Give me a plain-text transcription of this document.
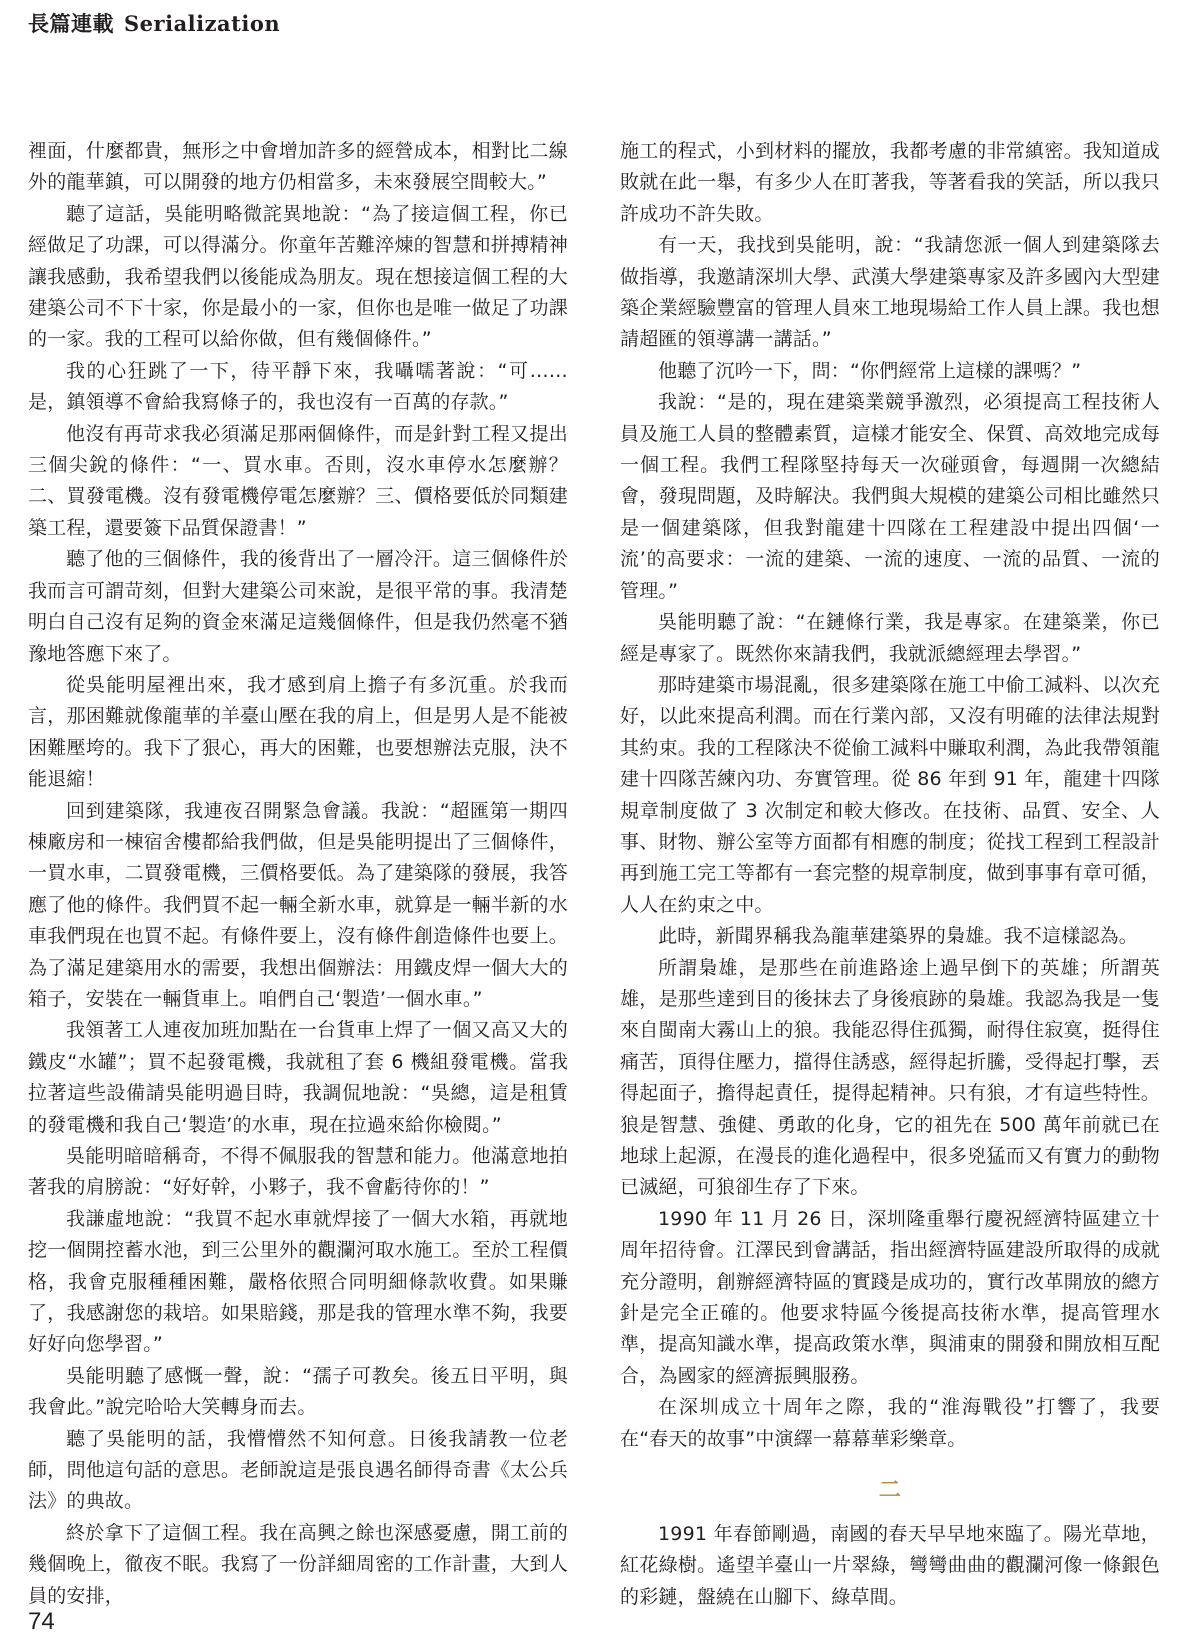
長篇連載 Serialization

裡面，什麼都貴，無形之中會增加許多的經營成本，相對比二線外的龍華鎮，可以開發的地方仍相當多，未來發展空間較大。”

聽了這話，吳能明略微詫異地說：“為了接這個工程，你已經做足了功課，可以得滿分。你童年苦難淬煉的智慧和拼搏精神讓我感動，我希望我們以後能成為朋友。現在想接這個工程的大建築公司不下十家，你是最小的一家，但你也是唯一做足了功課的一家。我的工程可以給你做，但有幾個條件。”

我的心狂跳了一下，待平靜下來，我囁嚅著說：“可……是，鎮領導不會給我寫條子的，我也沒有一百萬的存款。”

他沒有再苛求我必須滿足那兩個條件，而是針對工程又提出三個尖銳的條件：“一、買水車。否則，沒水車停水怎麼辦？二、買發電機。沒有發電機停電怎麼辦？三、價格要低於同類建築工程，還要簽下品質保證書！”

聽了他的三個條件，我的後背出了一層冷汗。這三個條件於我而言可謂苛刻，但對大建築公司來說，是很平常的事。我清楚明白自己沒有足夠的資金來滿足這幾個條件，但是我仍然毫不猶豫地答應下來了。

從吳能明屋裡出來，我才感到肩上擔子有多沉重。於我而言，那困難就像龍華的羊臺山壓在我的肩上，但是男人是不能被困難壓垮的。我下了狠心，再大的困難，也要想辦法克服，決不能退縮！

回到建築隊，我連夜召開緊急會議。我說：“超匯第一期四棟廠房和一棟宿舍樓都給我們做，但是吳能明提出了三個條件，一買水車，二買發電機，三價格要低。為了建築隊的發展，我答應了他的條件。我們買不起一輛全新水車，就算是一輛半新的水車我們現在也買不起。有條件要上，沒有條件創造條件也要上。為了滿足建築用水的需要，我想出個辦法：用鐵皮焊一個大大的箱子，安裝在一輛貨車上。咱們自己‘製造’一個水車。”

我領著工人連夜加班加點在一台貨車上焊了一個又高又大的鐵皮“水罐”；買不起發電機，我就租了套 6 機組發電機。當我拉著這些設備請吳能明過目時，我調侃地說：“吳總，這是租賃的發電機和我自己‘製造’的水車，現在拉過來給你檢閱。”

吳能明暗暗稱奇，不得不佩服我的智慧和能力。他滿意地拍著我的肩膀說：“好好幹，小夥子，我不會虧待你的！”

我謙虛地說：“我買不起水車就焊接了一個大水箱，再就地挖一個開控蓄水池，到三公里外的觀瀾河取水施工。至於工程價格，我會克服種種困難，嚴格依照合同明細條款收費。如果賺了，我感謝您的栽培。如果賠錢，那是我的管理水準不夠，我要好好向您學習。”

吳能明聽了感慨一聲，說：“孺子可教矣。後五日平明，與我會此。”說完哈哈大笑轉身而去。

聽了吳能明的話，我懵懵然不知何意。日後我請教一位老師，問他這句話的意思。老師說這是張良遇名師得奇書《太公兵法》的典故。

終於拿下了這個工程。我在高興之餘也深感憂慮，開工前的幾個晚上，徹夜不眠。我寫了一份詳細周密的工作計畫，大到人員的安排，

施工的程式，小到材料的擺放，我都考慮的非常縝密。我知道成敗就在此一舉，有多少人在盯著我，等著看我的笑話，所以我只許成功不許失敗。

有一天，我找到吳能明，說：“我請您派一個人到建築隊去做指導，我邀請深圳大學、武漢大學建築專家及許多國內大型建築企業經驗豐富的管理人員來工地現場給工作人員上課。我也想請超匯的領導講一講話。”

他聽了沉吟一下，問：“你們經常上這樣的課嗎？”

我說：“是的，現在建築業競爭激烈，必須提高工程技術人員及施工人員的整體素質，這樣才能安全、保質、高效地完成每一個工程。我們工程隊堅持每天一次碰頭會，每週開一次總結會，發現問題，及時解決。我們與大規模的建築公司相比雖然只是一個建築隊，但我對龍建十四隊在工程建設中提出四個‘一流’的高要求：一流的建築、一流的速度、一流的品質、一流的管理。”

吳能明聽了說：“在鏈條行業，我是專家。在建築業，你已經是專家了。既然你來請我們，我就派總經理去學習。”

那時建築市場混亂，很多建築隊在施工中偷工減料、以次充好，以此來提高利潤。而在行業內部，又沒有明確的法律法規對其約束。我的工程隊決不從偷工減料中賺取利潤，為此我帶領龍建十四隊苦練內功、夯實管理。從 86 年到 91 年，龍建十四隊規章制度做了 3 次制定和較大修改。在技術、品質、安全、人事、財物、辦公室等方面都有相應的制度；從找工程到工程設計再到施工完工等都有一套完整的規章制度，做到事事有章可循，人人在約束之中。

此時，新聞界稱我為龍華建築界的梟雄。我不這樣認為。

所謂梟雄，是那些在前進路途上過早倒下的英雄；所謂英雄，是那些達到目的後抹去了身後痕跡的梟雄。我認為我是一隻來自閩南大霧山上的狼。我能忍得住孤獨，耐得住寂寞，挺得住痛苦，頂得住壓力，擋得住誘惑，經得起折騰，受得起打擊，丟得起面子，擔得起責任，提得起精神。只有狼，才有這些特性。狼是智慧、強健、勇敢的化身，它的祖先在 500 萬年前就已在地球上起源，在漫長的進化過程中，很多兇猛而又有實力的動物已滅絕，可狼卻生存了下來。

1990 年 11 月 26 日，深圳隆重舉行慶祝經濟特區建立十周年招待會。江澤民到會講話，指出經濟特區建設所取得的成就充分證明，創辦經濟特區的實踐是成功的，實行改革開放的總方針是完全正確的。他要求特區今後提高技術水準，提高管理水準，提高知識水準，提高政策水準，與浦東的開發和開放相互配合，為國家的經濟振興服務。

在深圳成立十周年之際，我的“淮海戰役”打響了，我要在“春天的故事”中演繹一幕幕華彩樂章。

二

1991 年春節剛過，南國的春天早早地來臨了。陽光草地，紅花綠樹。遙望羊臺山一片翠綠，彎彎曲曲的觀瀾河像一條銀色的彩鏈，盤繞在山腳下、綠草間。

74
